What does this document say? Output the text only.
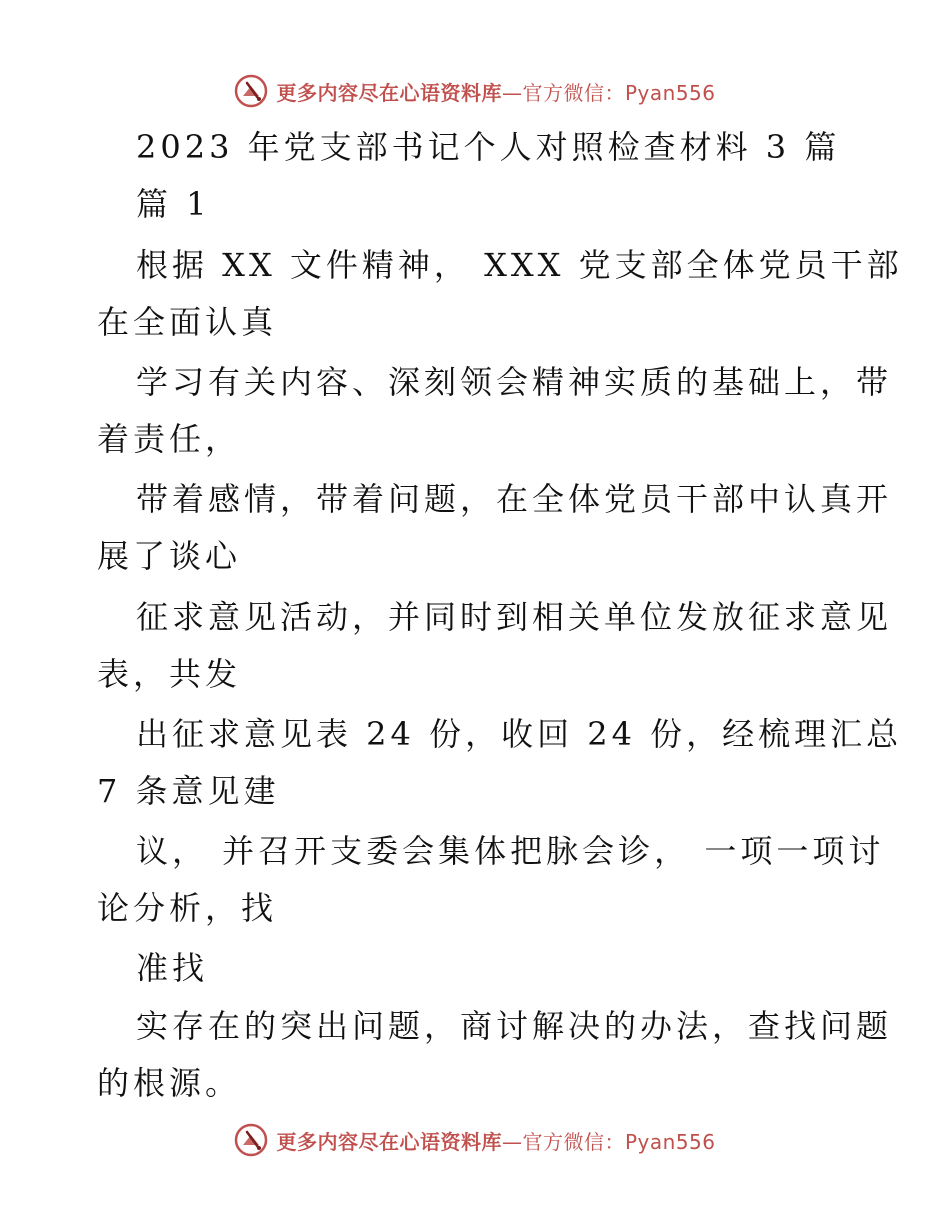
更多内容尽在心语资料库—官方微信：Pyan556
2023 年党支部书记个人对照检查材料 3 篇
篇 1
根据 XX 文件精神， XXX 党支部全体党员干部
在全面认真
学习有关内容、深刻领会精神实质的基础上，带
着责任，
带着感情，带着问题，在全体党员干部中认真开
展了谈心
征求意见活动，并同时到相关单位发放征求意见
表，共发
出征求意见表 24 份，收回 24 份，经梳理汇总
7 条意见建
议， 并召开支委会集体把脉会诊， 一项一项讨
论分析，找
准找
实存在的突出问题，商讨解决的办法，查找问题
的根源。
更多内容尽在心语资料库—官方微信：Pyan556
